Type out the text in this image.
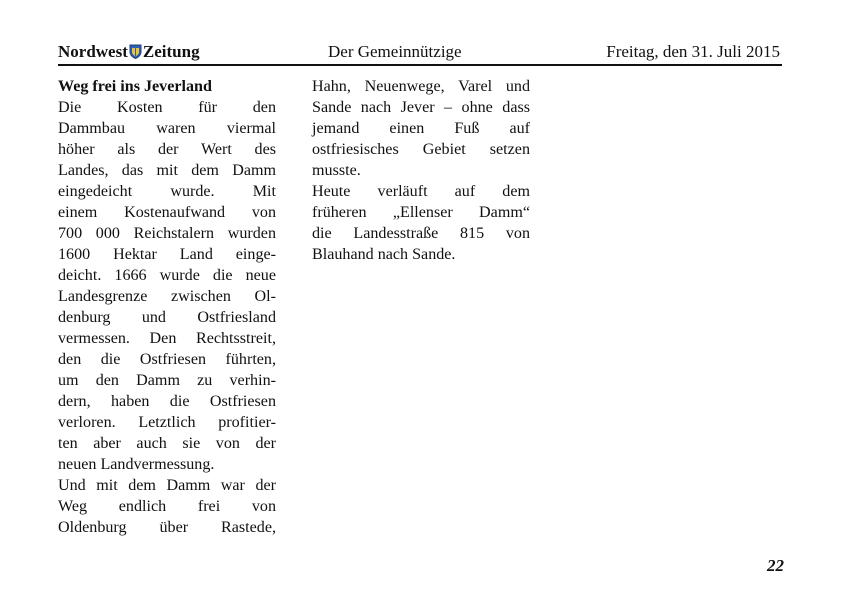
Nordwest Zeitung	Der Gemeinnützige	Freitag, den 31. Juli 2015
Weg frei ins Jeverland
Die Kosten für den
Dammbau waren viermal
höher als der Wert des
Landes, das mit dem Damm
eingedeicht wurde. Mit
einem Kostenaufwand von
700 000 Reichstalern wurden
1600 Hektar Land einge-
deicht. 1666 wurde die neue
Landesgrenze zwischen Ol-
denburg und Ostfriesland
vermessen. Den Rechtsstreit,
den die Ostfriesen führten,
um den Damm zu verhin-
dern, haben die Ostfriesen
verloren. Letztlich profitier-
ten aber auch sie von der
neuen Landvermessung.
Und mit dem Damm war der
Weg endlich frei von
Oldenburg über Rastede,
Hahn, Neuenwege, Varel und
Sande nach Jever – ohne dass
jemand einen Fuß auf
ostfriesisches Gebiet setzen
musste.
Heute verläuft auf dem
früheren „Ellenser Damm“
die Landesstraße 815 von
Blauhand nach Sande.
22
